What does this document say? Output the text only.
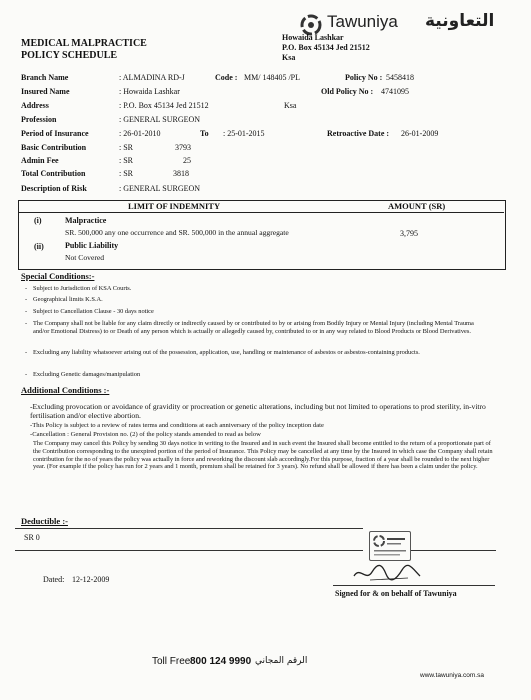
Tawuniya التعاونية
MEDICAL MALPRACTICE
POLICY SCHEDULE
Howaida Lashkar
P.O. Box 45134 Jed 21512
Ksa
Branch Name	: ALMADINA RD-J	Code : MM/ 148405 /PL	Policy No : 5458418
Insured Name	: Howaida Lashkar	Old Policy No : 4741095
Address	: P.O. Box 45134 Jed 21512	Ksa
Profession	: GENERAL SURGEON
Period of Insurance	: 26-01-2010	To : 25-01-2015	Retroactive Date : 26-01-2009
Basic Contribution	: SR	3793
Admin Fee	: SR	25
Total Contribution	: SR	3818
Description of Risk	: GENERAL SURGEON
LIMIT OF INDEMNITY	AMOUNT (SR)
(i)	Malpractice
SR. 500,000 any one occurrence and SR. 500,000 in the annual aggregate	3,795
(ii)	Public Liability
Not Covered
Special Conditions:-
- Subject to Jurisdiction of KSA Courts.
- Geographical limits K.S.A.
- Subject to Cancellation Clause - 30 days notice
- The Company shall not be liable for any claim directly or indirectly caused by or contributed to by or arising from Bodily Injury or Mental Injury (including Mental Trauma and/or Emotional Distress) to or Death of any person which is actually or allegedly caused by, contributed to or in any way related to Blood Products or Blood Derivatives.
- Excluding any liability whatsoever arising out of the possession, application, use, handling or maintenance of asbestos or asbestos-containing products.
- Excluding Genetic damages/manipulation
Additional Conditions :-
-Excluding provocation or avoidance of gravidity or procreation or genetic alterations, including but not limited to operations to prod sterility, in-vitro fertilisation and/or elective abortion.
-This Policy is subject to a review of rates terms and conditions at each anniversary of the policy inception date
-Cancellation : General Provision no. (2) of the policy stands amended to read as below
The Company may cancel this Policy by sending 30 days notice in writing to the Insured and in such event the Insured shall become entitled to the return of a proportionate part of the Contribution corresponding to the unexpired portion of the period of Insurance. This Policy may be cancelled at any time by the Insured in which case the Company shall retain contribution for the no of years the policy was actually in force and reworking the discount slab accordingly.For this purpose, fraction of a year shall be rounded to the next higher year. (For example if the policy has run for 2 years and 1 month, premium shall be retained for 3 years). No refund shall be allowed if there has been a claim under the policy.
Deductible :-
SR 0
Dated: 12-12-2009
Signed for & on behalf of Tawuniya
Toll Free 800 124 9990 الرقم المجاني
www.tawuniya.com.sa
